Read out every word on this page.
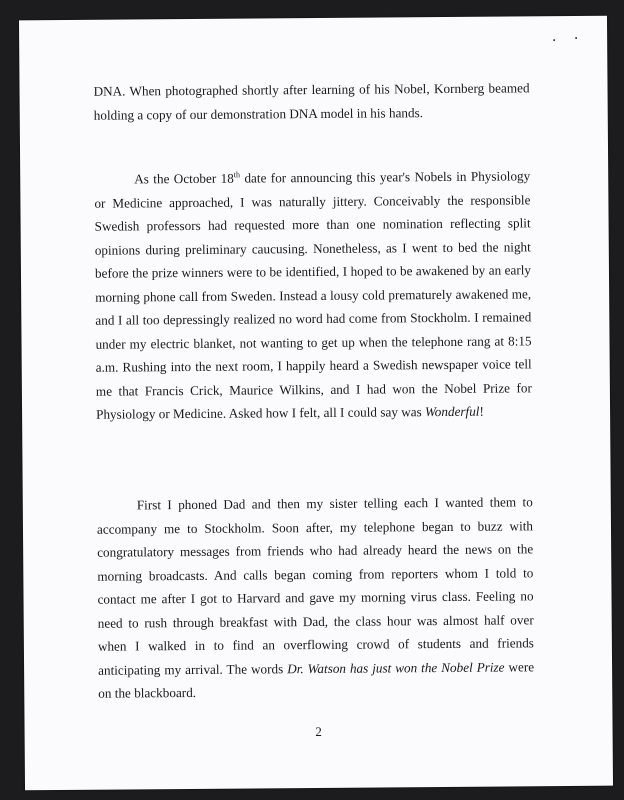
DNA. When photographed shortly after learning of his Nobel, Kornberg beamed holding a copy of our demonstration DNA model in his hands.

As the October 18th date for announcing this year's Nobels in Physiology or Medicine approached, I was naturally jittery. Conceivably the responsible Swedish professors had requested more than one nomination reflecting split opinions during preliminary caucusing. Nonetheless, as I went to bed the night before the prize winners were to be identified, I hoped to be awakened by an early morning phone call from Sweden. Instead a lousy cold prematurely awakened me, and I all too depressingly realized no word had come from Stockholm. I remained under my electric blanket, not wanting to get up when the telephone rang at 8:15 a.m. Rushing into the next room, I happily heard a Swedish newspaper voice tell me that Francis Crick, Maurice Wilkins, and I had won the Nobel Prize for Physiology or Medicine. Asked how I felt, all I could say was Wonderful!

First I phoned Dad and then my sister telling each I wanted them to accompany me to Stockholm. Soon after, my telephone began to buzz with congratulatory messages from friends who had already heard the news on the morning broadcasts. And calls began coming from reporters whom I told to contact me after I got to Harvard and gave my morning virus class. Feeling no need to rush through breakfast with Dad, the class hour was almost half over when I walked in to find an overflowing crowd of students and friends anticipating my arrival. The words Dr. Watson has just won the Nobel Prize were on the blackboard.

2
